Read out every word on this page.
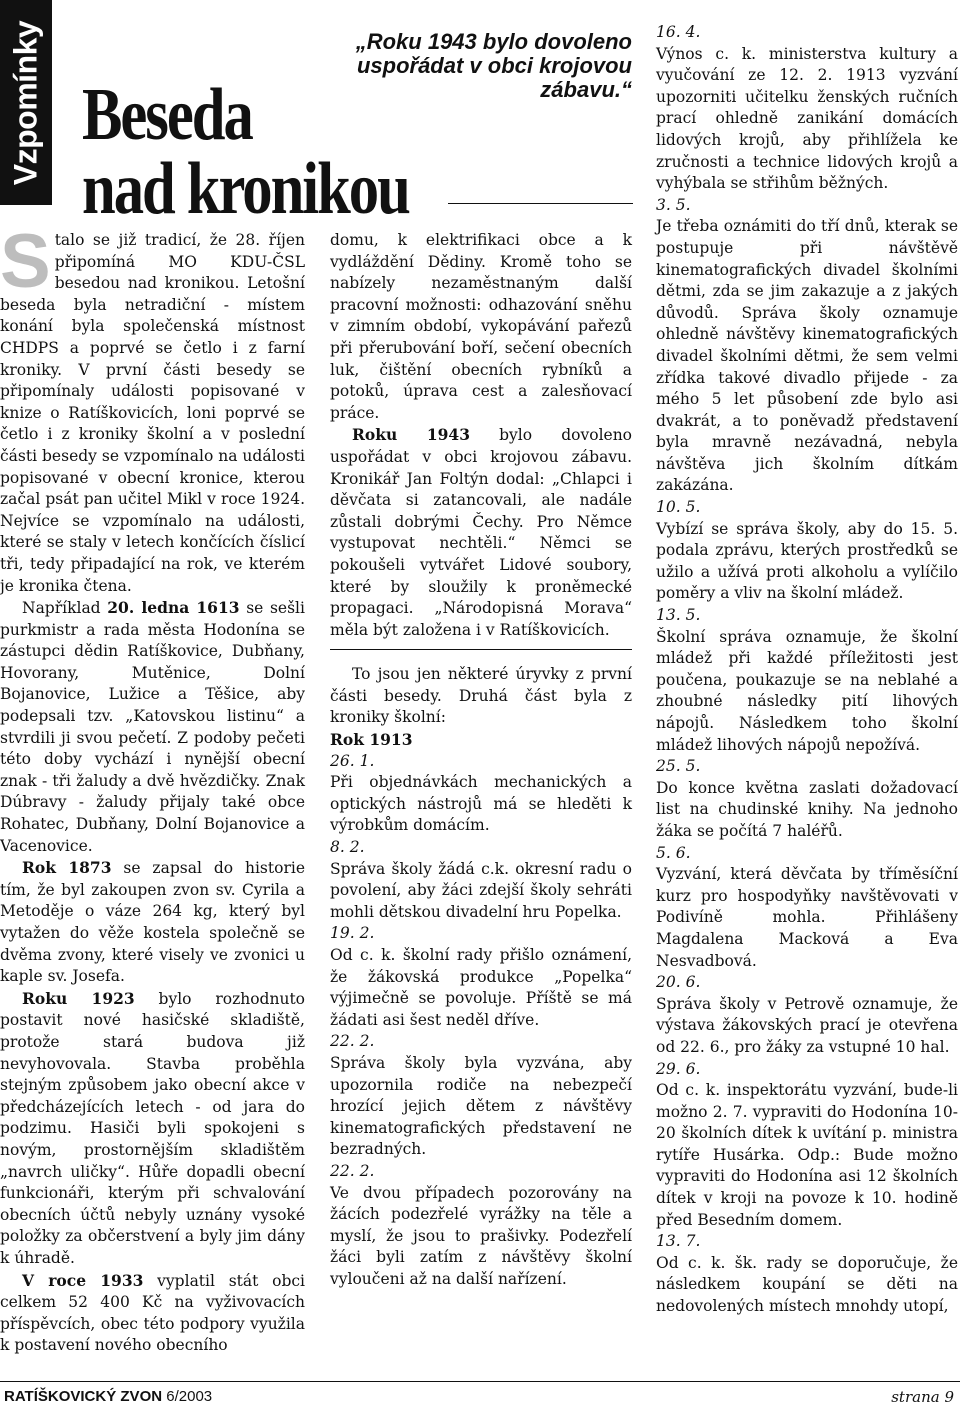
Vzpomínky Beseda
nad kronikou
„Roku 1943 bylo dovoleno uspořádat v obci krojovou zábavu.“

Stalo se již tradicí, že 28. říjen připomíná MO KDU-ČSL besedou nad kronikou. Letošní beseda byla netradiční - místem konání byla společenská místnost CHDPS a poprvé se četlo i z farní kroniky. V první části besedy se připomínaly události popisované v knize o Ratíškovicích, loni poprvé se četlo i z kroniky školní a v poslední části besedy se vzpomínalo na události popisované v obecní kronice, kterou začal psát pan učitel Mikl v roce 1924. Nejvíce se vzpomínalo na události, které se staly v letech končících číslicí tři, tedy připadající na rok, ve kterém je kronika čtena.

Například 20. ledna 1613 se sešli purkmistr a rada města Hodonína se zástupci dědin Ratíškovice, Dubňany, Hovorany, Mutěnice, Dolní Bojanovice, Lužice a Těšice, aby podepsali tzv. „Katovskou listinu“ a stvrdili ji svou pečetí. Z podoby pečeti této doby vychází i nynější obecní znak - tři žaludy a dvě hvězdičky. Znak Dúbravy - žaludy přijaly také obce Rohatec, Dubňany, Dolní Bojanovice a Vacenovice.

Rok 1873 se zapsal do historie tím, že byl zakoupen zvon sv. Cyrila a Metoděje o váze 264 kg, který byl vytažen do věže kostela společně se dvěma zvony, které visely ve zvonici u kaple sv. Josefa.

Roku 1923 bylo rozhodnuto postavit nové hasičské skladiště, protože stará budova již nevyhovovala. Stavba proběhla stejným způsobem jako obecní akce v předcházejících letech - od jara do podzimu. Hasiči byli spokojeni s novým, prostornějším skladištěm „navrch uličky“. Hůře dopadli obecní funkcionáři, kterým při schvalování obecních účtů nebyly uznány vysoké položky za občerstvení a byly jim dány k úhradě.

V roce 1933 vyplatil stát obci celkem 52 400 Kč na vyživovacích příspěvcích, obec této podpory využila k postavení nového obecního

domu, k elektrifikaci obce a k vydláždění Dědiny. Kromě toho se nabízely nezaměstnaným další pracovní možnosti: odhazování sněhu v zimním období, vykopávání pařezů při přerubování boří, sečení obecních luk, čištění obecních rybníků a potoků, úprava cest a zalesňovací práce.

Roku 1943 bylo dovoleno uspořádat v obci krojovou zábavu. Kronikář Jan Foltýn dodal: „Chlapci i děvčata si zatancovali, ale nadále zůstali dobrými Čechy. Pro Němce vystupovat nechtěli.“ Němci se pokoušeli vytvářet Lidové soubory, které by sloužily k proněmecké propagaci. „Národopisná Morava“ měla být založena i v Ratíškovicích.

To jsou jen některé úryvky z první části besedy. Druhá část byla z kroniky školní:

Rok 1913

26. 1.

Při objednávkách mechanických a optických nástrojů má se hleděti k výrobkům domácím.

8. 2.

Správa školy žádá c.k. okresní radu o povolení, aby žáci zdejší školy sehráti mohli dětskou divadelní hru Popelka.

19. 2.

Od c. k. školní rady přišlo oznámení, že žákovská produkce „Popelka“ výjimečně se povoluje. Příště se má žádati asi šest neděl dříve.

22. 2.

Správa školy byla vyzvána, aby upozornila rodiče na nebezpečí hrozící jejich dětem z návštěvy kinematografických představení ne bezradných.

22. 2.

Ve dvou případech pozorovány na žácích podezřelé vyrážky na těle a myslí, že jsou to prašivky. Podezřelí žáci byli zatím z návštěvy školní vyloučeni až na další nařízení.

16. 4.

Výnos c. k. ministerstva kultury a vyučování ze 12. 2. 1913 vyzvání upozorniti učitelku ženských ručních prací ohledně zanikání domácích lidových krojů, aby přihlížela ke zručnosti a technice lidových krojů a vyhýbala se střihům běžných.

3. 5.

Je třeba oznámiti do tří dnů, kterak se postupuje při návštěvě kinematografických divadel školními dětmi, zda se jim zakazuje a z jakých důvodů. Správa školy oznamuje ohledně návštěvy kinematografických divadel školními dětmi, že sem velmi zřídka takové divadlo přijede - za mého 5 let působení zde bylo asi dvakrát, a to poněvadž představení byla mravně nezávadná, nebyla návštěva jich školním dítkám zakázána.

10. 5.

Vybízí se správa školy, aby do 15. 5. podala zprávu, kterých prostředků se užilo a užívá proti alkoholu a vylíčilo poměry a vliv na školní mládež.

13. 5.

Školní správa oznamuje, že školní mládež při každé příležitosti jest poučena, poukazuje se na neblahé a zhoubné následky pití lihových nápojů. Následkem toho školní mládež lihových nápojů nepožívá.

25. 5.

Do konce května zaslati dožadovací list na chudinské knihy. Na jednoho žáka se počítá 7 haléřů.

5. 6.

Vyzvání, která děvčata by tříměsíční kurz pro hospodyňky navštěvovati v Podivíně mohla. Přihlášeny Magdalena Macková a Eva Nesvadbová.

20. 6.

Správa školy v Petrově oznamuje, že výstava žákovských prací je otevřena od 22. 6., pro žáky za vstupné 10 hal.

29. 6.

Od c. k. inspektorátu vyzvání, bude-li možno 2. 7. vypraviti do Hodonína 10-20 školních dítek k uvítání p. ministra rytíře Husárka. Odp.: Bude možno vypraviti do Hodonína asi 12 školních dítek v kroji na povoze k 10. hodině před Besedním domem.

13. 7.

Od c. k. šk. rady se doporučuje, že následkem koupání se děti na nedovolených místech mnohdy utopí,

RATÍŠKOVICKÝ ZVON 6/2003	strana 9
